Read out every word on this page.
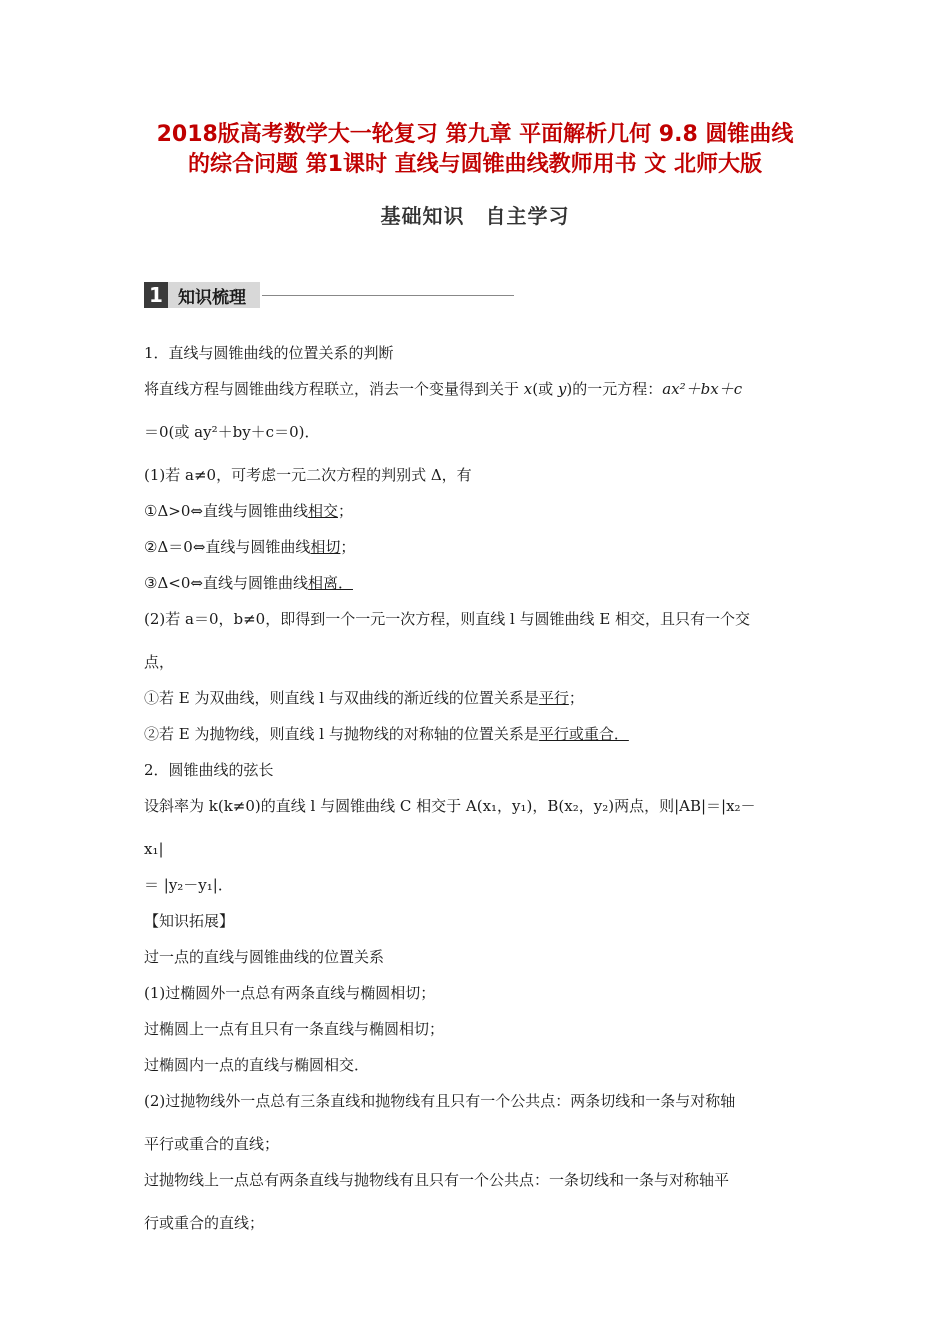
2018版高考数学大一轮复习 第九章 平面解析几何 9.8 圆锥曲线
的综合问题 第1课时 直线与圆锥曲线教师用书 文 北师大版
基础知识　自主学习
1 知识梳理
1．直线与圆锥曲线的位置关系的判断
将直线方程与圆锥曲线方程联立，消去一个变量得到关于 x(或 y)的一元方程：ax²＋bx＋c
＝0(或 ay²＋by＋c＝0)．
(1)若 a≠0，可考虑一元二次方程的判别式 Δ，有
①Δ>0⇔直线与圆锥曲线相交；
②Δ＝0⇔直线与圆锥曲线相切；
③Δ<0⇔直线与圆锥曲线相离．
(2)若 a＝0，b≠0，即得到一个一元一次方程，则直线 l 与圆锥曲线 E 相交，且只有一个交
点，
①若 E 为双曲线，则直线 l 与双曲线的渐近线的位置关系是平行；
②若 E 为抛物线，则直线 l 与抛物线的对称轴的位置关系是平行或重合．
2．圆锥曲线的弦长
设斜率为 k(k≠0)的直线 l 与圆锥曲线 C 相交于 A(x₁，y₁)，B(x₂，y₂)两点，则|AB|＝|x₂－
x₁|
＝ |y₂－y₁|．
【知识拓展】
过一点的直线与圆锥曲线的位置关系
(1)过椭圆外一点总有两条直线与椭圆相切；
过椭圆上一点有且只有一条直线与椭圆相切；
过椭圆内一点的直线与椭圆相交．
(2)过抛物线外一点总有三条直线和抛物线有且只有一个公共点：两条切线和一条与对称轴
平行或重合的直线；
过抛物线上一点总有两条直线与抛物线有且只有一个公共点：一条切线和一条与对称轴平
行或重合的直线；
